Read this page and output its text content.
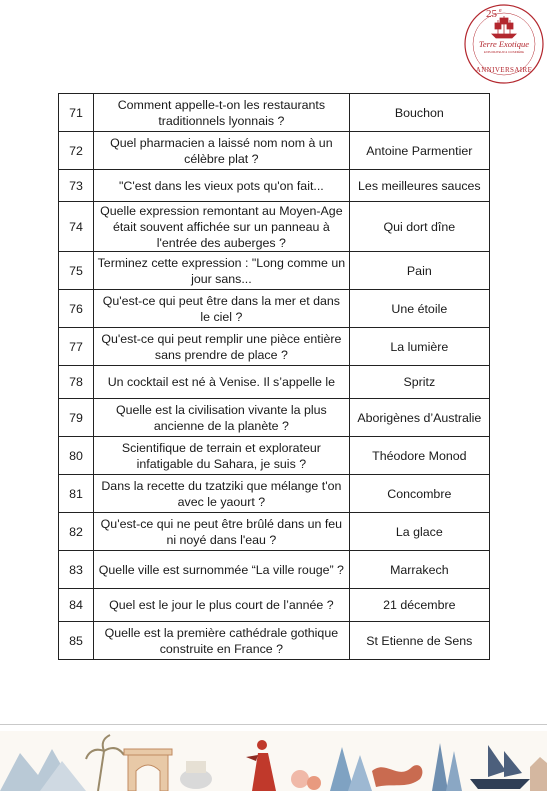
25 e
Terre Exotique
EXPLORATEUR & CUISINIÈRE
ANNIVERSAIRE
71	Comment appelle-t-on les restaurants traditionnels lyonnais ?	Bouchon
72	Quel pharmacien a laissé nom nom à un célèbre plat ?	Antoine Parmentier
73	"C'est dans les vieux pots qu'on fait...	Les meilleures sauces
74	Quelle expression remontant au Moyen-Age était souvent affichée sur un panneau à l'entrée des auberges ?	Qui dort dîne
75	Terminez cette expression : "Long comme un jour sans...	Pain
76	Qu'est-ce qui peut être dans la mer et dans le ciel ?	Une étoile
77	Qu'est-ce qui peut remplir une pièce entière sans prendre de place ?	La lumière
78	Un cocktail est né à Venise. Il s’appelle le	Spritz
79	Quelle est la civilisation vivante la plus ancienne de la planète ?	Aborigènes d’Australie
80	Scientifique de terrain et explorateur infatigable du Sahara, je suis ?	Théodore Monod
81	Dans la recette du tzatziki que mélange t'on avec le yaourt ?	Concombre
82	Qu'est-ce qui ne peut être brûlé dans un feu ni noyé dans l'eau ?	La glace
83	Quelle ville est surnommée “La ville rouge” ?	Marrakech
84	Quel est le jour le plus court de l’année ?	21 décembre
85	Quelle est la première cathédrale gothique construite en France ?	St Etienne de Sens
